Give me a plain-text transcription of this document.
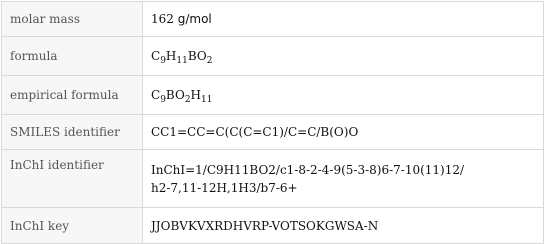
molar mass	162 g/mol
formula	$C_9H_{11}BO_2$
empirical formula	$C_9BO_2H_{11}$
SMILES identifier	CC1=CC=C(C(C=C1)/C=C/B(O)O
InChI identifier	InChI=1/C9H11BO2/c1-8-2-4-9(5-3-8)6-7-10(11)12/
h2-7,11-12H,1H3/b7-6+

InChI key	JJOBVKVXRDHVRP-VOTSOKGWSA-N
